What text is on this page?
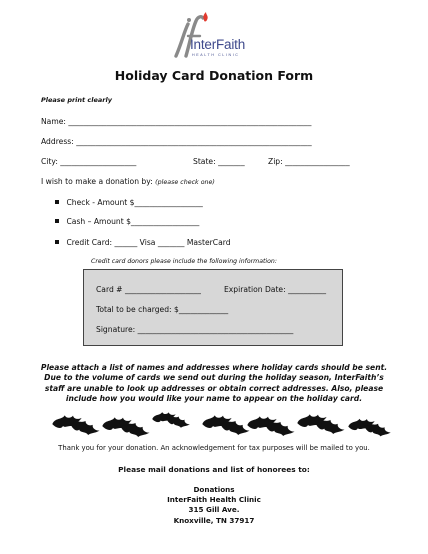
InterFaith
HEALTH CLINIC
Holiday Card Donation Form
Please print clearly
Name: ________________________________________________________________
Address: ______________________________________________________________
City: ____________________	State: _______	Zip: _________________
I wish to make a donation by: (please check one)
Check - Amount $__________________
Cash – Amount $__________________
Credit Card: ______ Visa _______ MasterCard
Credit card donors please include the following information:
Card # ____________________	Expiration Date: __________
Total to be charged: $_____________
Signature: _________________________________________
Please attach a list of names and addresses where holiday cards should be sent.
Due to the volume of cards we send out during the holiday season, InterFaith’s
staff are unable to look up addresses or obtain correct addresses. Also, please
include how you would like your name to appear on the holiday card.
Thank you for your donation. An acknowledgement for tax purposes will be mailed to you.
Please mail donations and list of honorees to:
Donations
InterFaith Health Clinic
315 Gill Ave.
Knoxville, TN 37917
